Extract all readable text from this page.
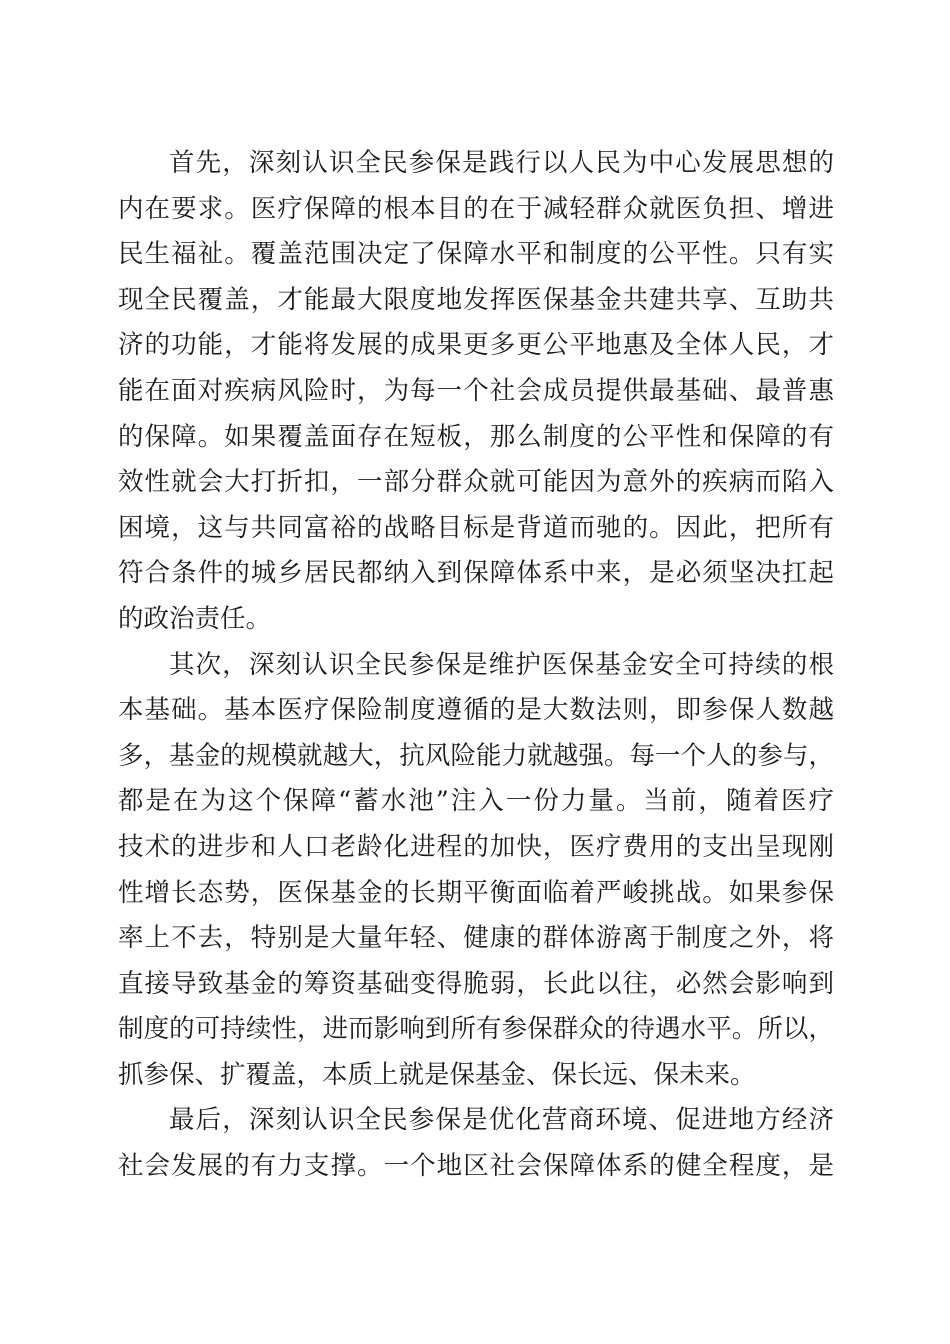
首先，深刻认识全民参保是践行以人民为中心发展思想的
内在要求。医疗保障的根本目的在于减轻群众就医负担、增进
民生福祉。覆盖范围决定了保障水平和制度的公平性。只有实
现全民覆盖，才能最大限度地发挥医保基金共建共享、互助共
济的功能，才能将发展的成果更多更公平地惠及全体人民，才
能在面对疾病风险时，为每一个社会成员提供最基础、最普惠
的保障。如果覆盖面存在短板，那么制度的公平性和保障的有
效性就会大打折扣，一部分群众就可能因为意外的疾病而陷入
困境，这与共同富裕的战略目标是背道而驰的。因此，把所有
符合条件的城乡居民都纳入到保障体系中来，是必须坚决扛起
的政治责任。
其次，深刻认识全民参保是维护医保基金安全可持续的根
本基础。基本医疗保险制度遵循的是大数法则，即参保人数越
多，基金的规模就越大，抗风险能力就越强。每一个人的参与，
都是在为这个保障“蓄水池”注入一份力量。当前，随着医疗
技术的进步和人口老龄化进程的加快，医疗费用的支出呈现刚
性增长态势，医保基金的长期平衡面临着严峻挑战。如果参保
率上不去，特别是大量年轻、健康的群体游离于制度之外，将
直接导致基金的筹资基础变得脆弱，长此以往，必然会影响到
制度的可持续性，进而影响到所有参保群众的待遇水平。所以，
抓参保、扩覆盖，本质上就是保基金、保长远、保未来。
最后，深刻认识全民参保是优化营商环境、促进地方经济
社会发展的有力支撑。一个地区社会保障体系的健全程度，是
